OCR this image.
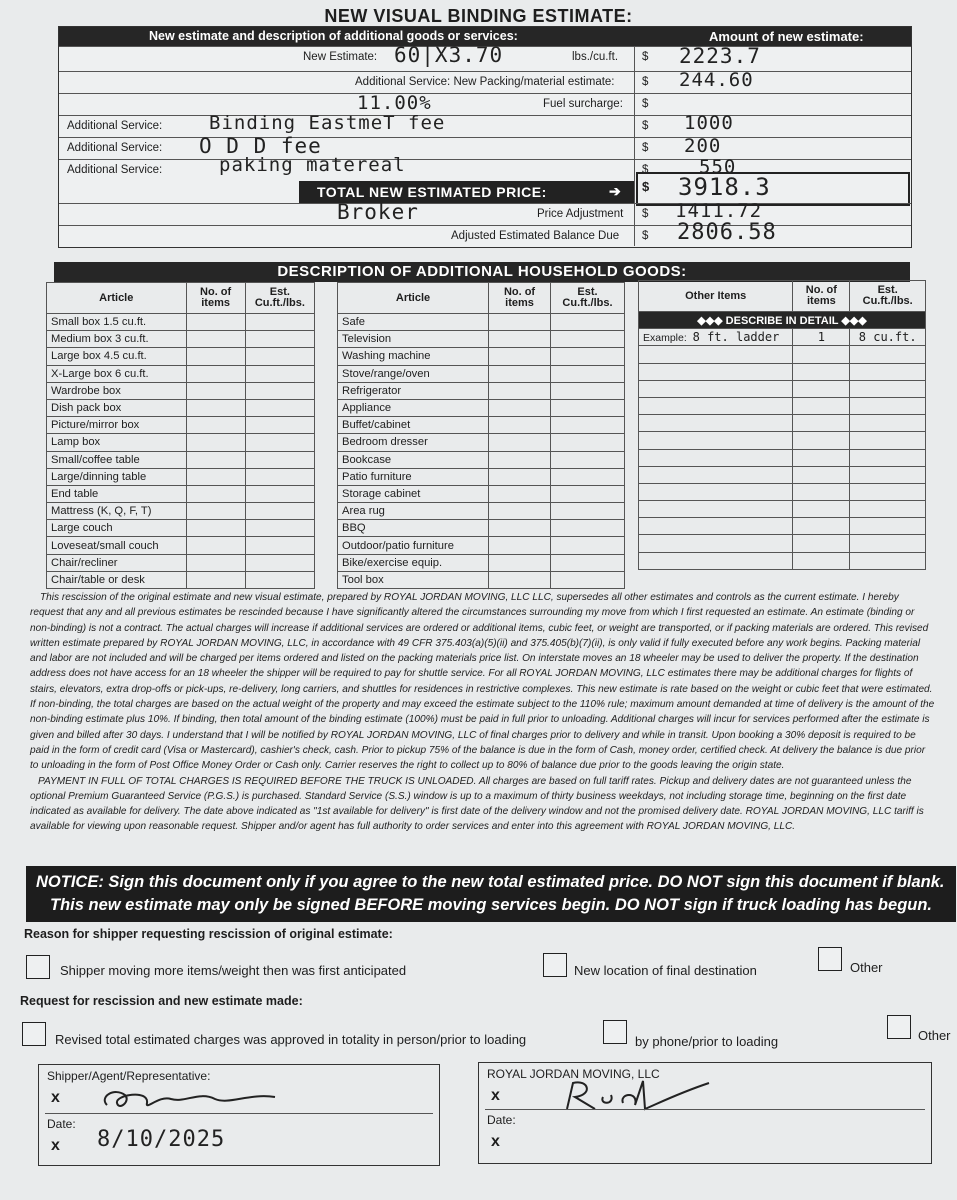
NEW VISUAL BINDING ESTIMATE:
New estimate and description of additional goods or services:	Amount of new estimate:
New Estimate: 60|X3.70	lbs./cu.ft. $ 2223.7
Additional Service: New Packing/material estimate: $ 244.60
11.00%	Fuel surcharge: $
Additional Service: Binding EastmeT fee	$ 1000
Additional Service: O D D fee	$ 200
Additional Service:	paking matereal	$	550
TOTAL NEW ESTIMATED PRICE:	➔ $ 3918.3
Broker	Price Adjustment $ 1411.72
Adjusted Estimated Balance Due $ 2806.58
DESCRIPTION OF ADDITIONAL HOUSEHOLD GOODS:
Article	No. of items	Est. Cu.ft./lbs.
Small box 1.5 cu.ft.		
Medium box 3 cu.ft.		
Large box 4.5 cu.ft.		
X-Large box 6 cu.ft.		
Wardrobe box		
Dish pack box		
Picture/mirror box		
Lamp box		
Small/coffee table		
Large/dinning table		
End table		
Mattress (K, Q, F, T)		
Large couch		
Loveseat/small couch		
Chair/recliner		
Chair/table or desk		
Article	No. of items	Est. Cu.ft./lbs.
Safe		
Television		
Washing machine		
Stove/range/oven		
Refrigerator		
Appliance		
Buffet/cabinet		
Bedroom dresser		
Bookcase		
Patio furniture		
Storage cabinet		
Area rug		
BBQ		
Outdoor/patio furniture		
Bike/exercise equip.		
Tool box		
Other Items	No. of items	Est. Cu.ft./lbs.
◆◆◆ DESCRIBE IN DETAIL ◆◆◆		
Example: 8 ft. ladder	1	8 cu.ft.

This rescission of the original estimate and new visual estimate, prepared by ROYAL JORDAN MOVING, LLC LLC, supersedes all other estimates and controls as the current estimate. I hereby request that any and all previous estimates be rescinded because I have significantly altered the circumstances surrounding my move from which I first requested an estimate. An estimate (binding or non-binding) is not a contract. The actual charges will increase if additional services are ordered or additional items, cubic feet, or weight are transported, or if packing materials are ordered. This revised written estimate prepared by ROYAL JORDAN MOVING, LLC, in accordance with 49 CFR 375.403(a)(5)(ii) and 375.405(b)(7)(ii), is only valid if fully executed before any work begins. Packing material and labor are not included and will be charged per items ordered and listed on the packing materials price list. On interstate moves an 18 wheeler may be used to deliver the property. If the destination address does not have access for an 18 wheeler the shipper will be required to pay for shuttle service. For all ROYAL JORDAN MOVING, LLC estimates there may be additional charges for flights of stairs, elevators, extra drop-offs or pick-ups, re-delivery, long carriers, and shuttles for residences in restrictive complexes. This new estimate is rate based on the weight or cubic feet that were estimated. If non-binding, the total charges are based on the actual weight of the property and may exceed the estimate subject to the 110% rule; maximum amount demanded at time of delivery is the amount of the non-binding estimate plus 10%. If binding, then total amount of the binding estimate (100%) must be paid in full prior to unloading. Additional charges will incur for services performed after the estimate is given and billed after 30 days. I understand that I will be notified by ROYAL JORDAN MOVING, LLC of final charges prior to delivery and while in transit. Upon booking a 30% deposit is required to be paid in the form of credit card (Visa or Mastercard), cashier's check, cash. Prior to pickup 75% of the balance is due in the form of Cash, money order, certified check. At delivery the balance is due prior to unloading in the form of Post Office Money Order or Cash only. Carrier reserves the right to collect up to 80% of balance due prior to the goods leaving the origin state.

PAYMENT IN FULL OF TOTAL CHARGES IS REQUIRED BEFORE THE TRUCK IS UNLOADED. All charges are based on full tariff rates. Pickup and delivery dates are not guaranteed unless the optional Premium Guaranteed Service (P.G.S.) is purchased. Standard Service (S.S.) window is up to a maximum of thirty business weekdays, not including storage time, beginning on the first date indicated as available for delivery. The date above indicated as "1st available for delivery" is first date of the delivery window and not the promised delivery date. ROYAL JORDAN MOVING, LLC tariff is available for viewing upon reasonable request. Shipper and/or agent has full authority to order services and enter into this agreement with ROYAL JORDAN MOVING, LLC.

NOTICE: Sign this document only if you agree to the new total estimated price. DO NOT sign this document if blank.
This new estimate may only be signed BEFORE moving services begin. DO NOT sign if truck loading has begun.
Reason for shipper requesting rescission of original estimate:
Shipper moving more items/weight then was first anticipated	New location of final destination	Other
Request for rescission and new estimate made:
Revised total estimated charges was approved in totality in person/prior to loading	by phone/prior to loading	Other
Shipper/Agent/Representative:
x
Date:
x 8/10/2025
ROYAL JORDAN MOVING, LLC
x
Date:
x
